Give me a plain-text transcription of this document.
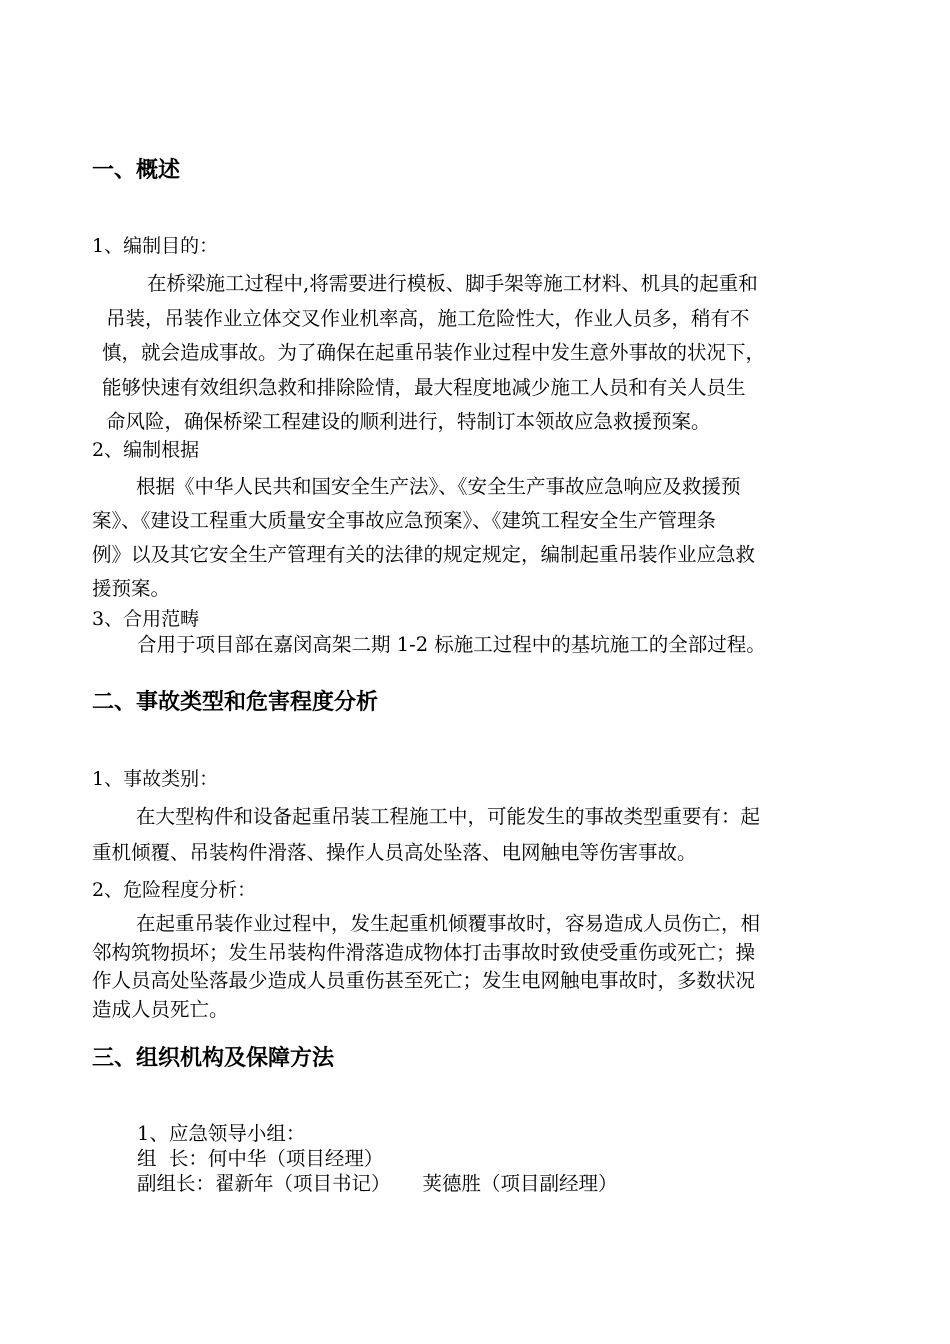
一、概述
1、编制目的：
在桥梁施工过程中,将需要进行模板、脚手架等施工材料、机具的起重和
吊装，吊装作业立体交叉作业机率高，施工危险性大，作业人员多，稍有不
慎，就会造成事故。为了确保在起重吊装作业过程中发生意外事故的状况下，
能够快速有效组织急救和排除险情，最大程度地减少施工人员和有关人员生
命风险，确保桥梁工程建设的顺利进行，特制订本领故应急救援预案。
2、编制根据
根据《中华人民共和国安全生产法》、《安全生产事故应急响应及救援预
案》、《建设工程重大质量安全事故应急预案》、《建筑工程安全生产管理条
例》以及其它安全生产管理有关的法律的规定规定，编制起重吊装作业应急救
援预案。
3、合用范畴
合用于项目部在嘉闵高架二期 1-2 标施工过程中的基坑施工的全部过程。
二、事故类型和危害程度分析
1、事故类别：
在大型构件和设备起重吊装工程施工中，可能发生的事故类型重要有：起
重机倾覆、吊装构件滑落、操作人员高处坠落、电网触电等伤害事故。
2、危险程度分析：
在起重吊装作业过程中，发生起重机倾覆事故时，容易造成人员伤亡，相
邻构筑物损坏；发生吊装构件滑落造成物体打击事故时致使受重伤或死亡；操
作人员高处坠落最少造成人员重伤甚至死亡；发生电网触电事故时，多数状况
造成人员死亡。
三、组织机构及保障方法
1、应急领导小组：
组  长：何中华（项目经理）
副组长：翟新年（项目书记） 荚德胜（项目副经理）
